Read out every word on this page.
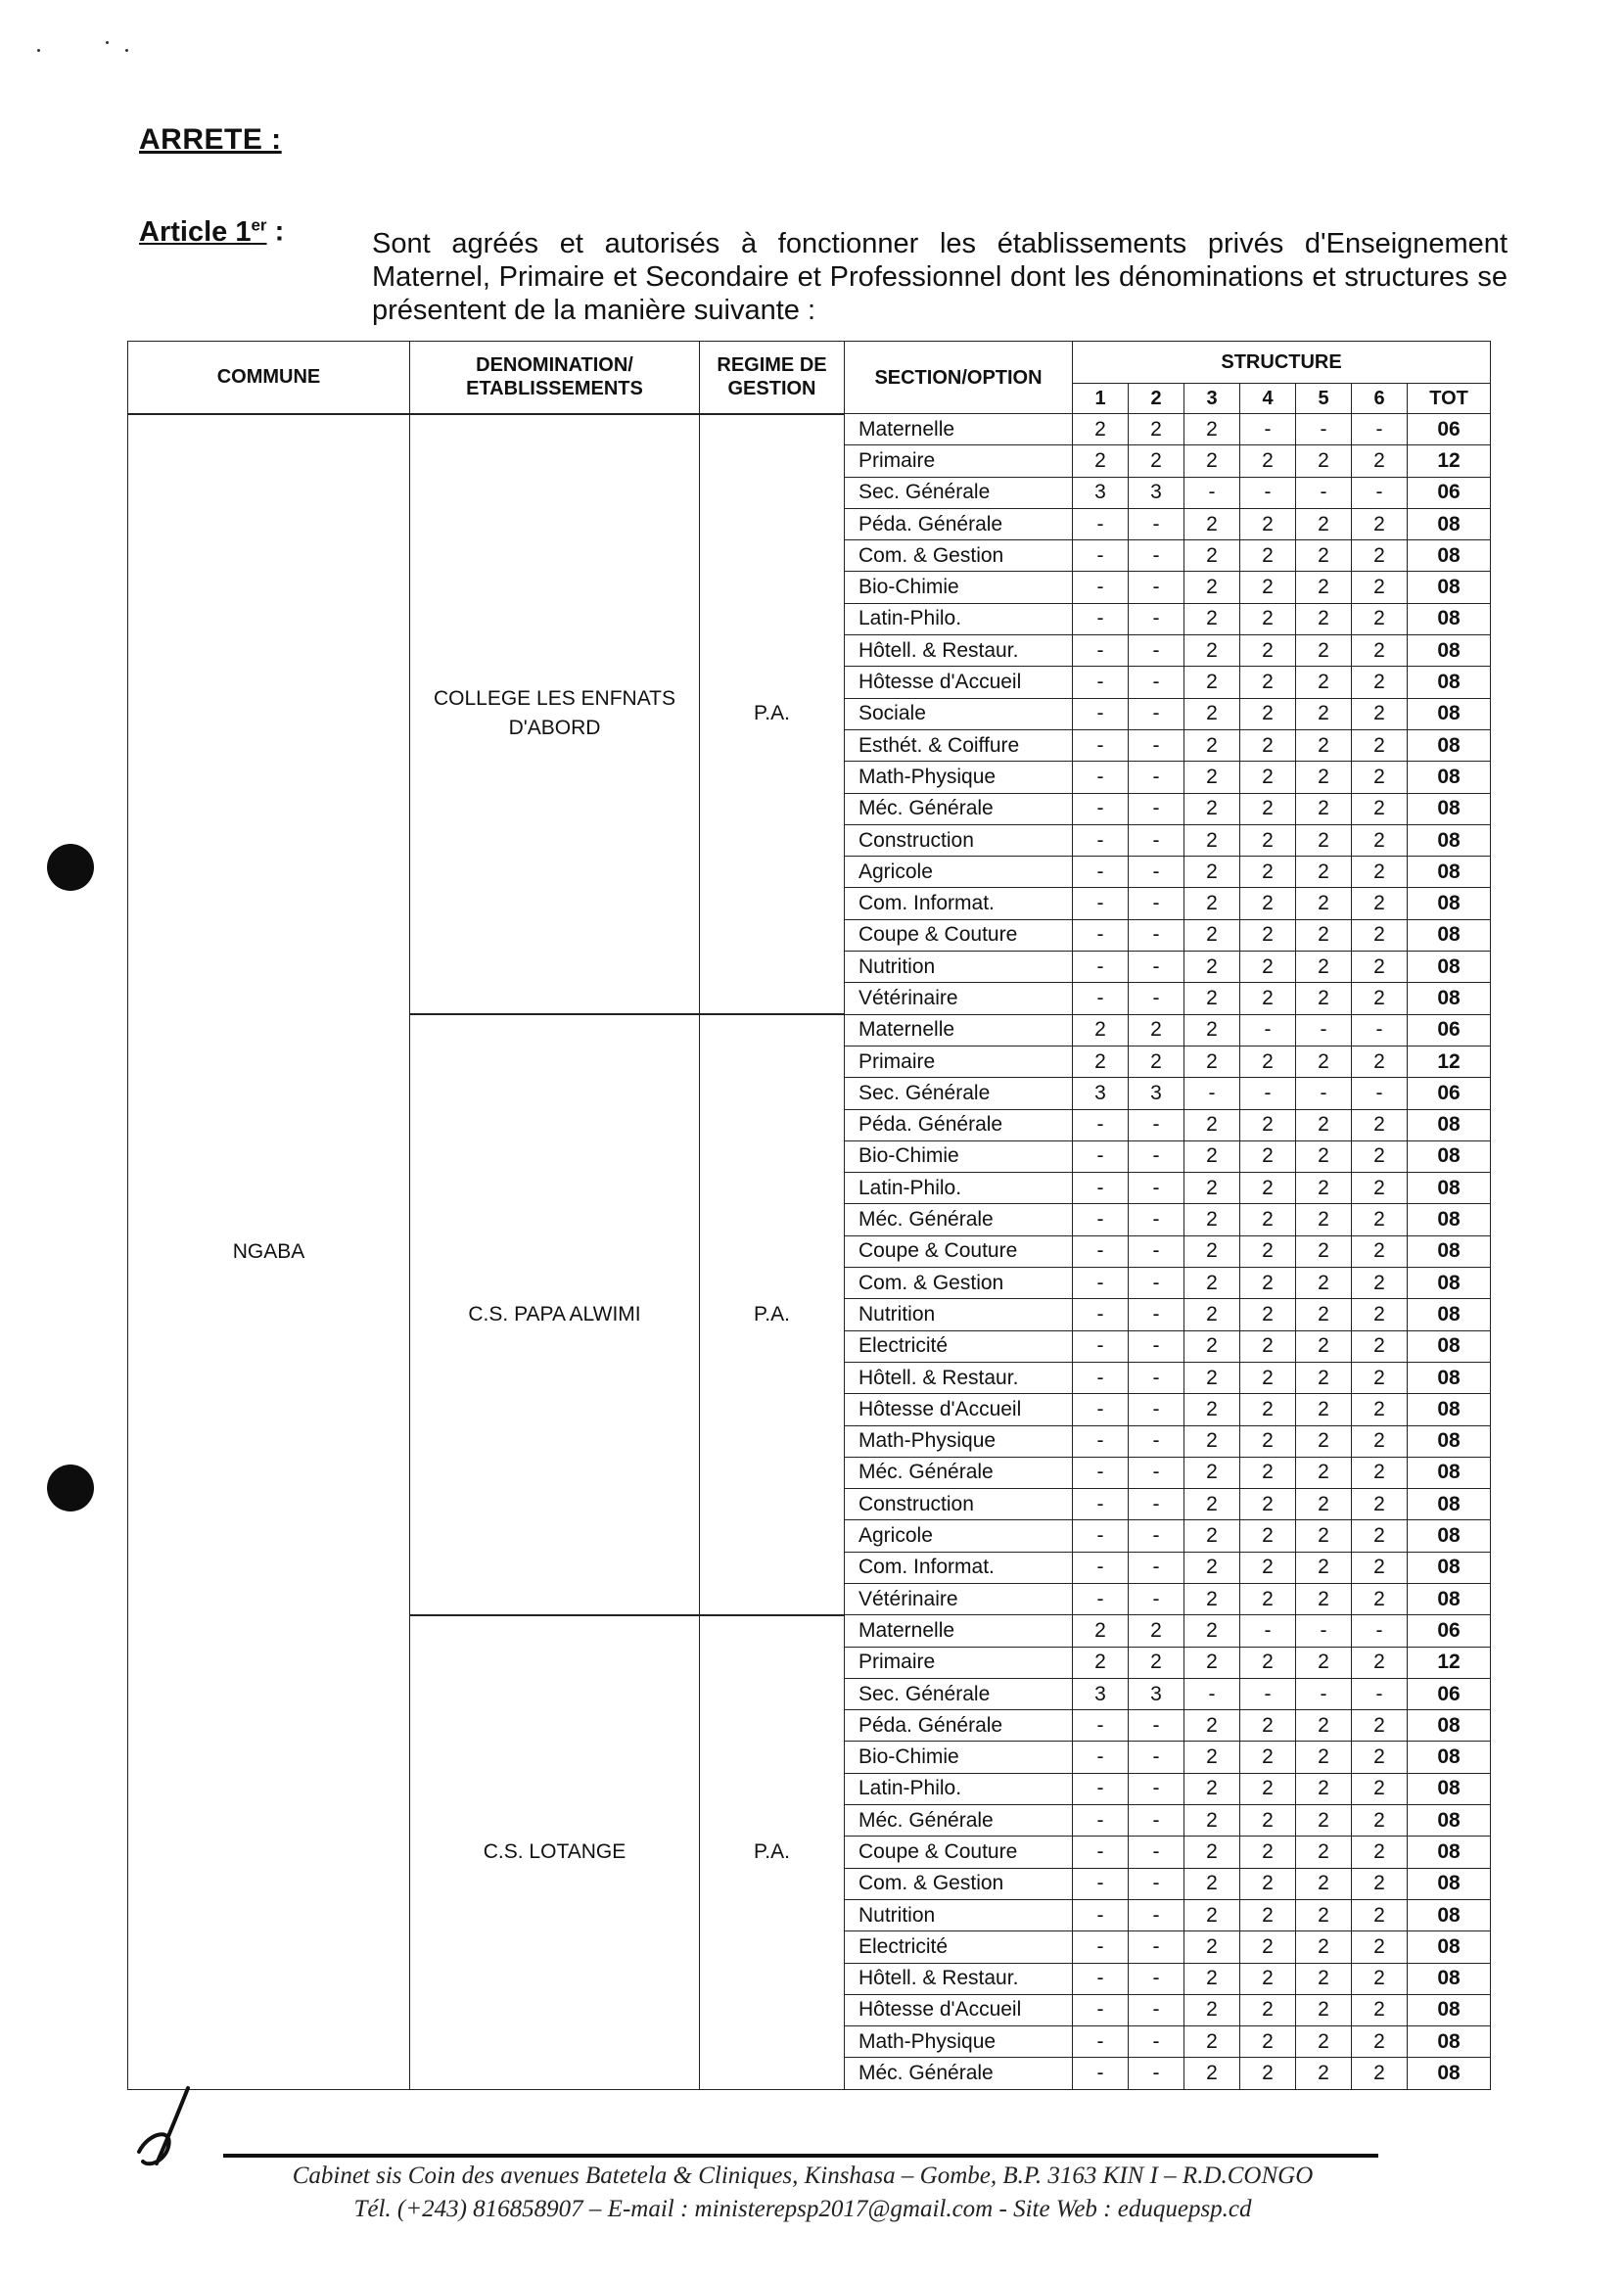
ARRETE :
Article 1er :	Sont agréés et autorisés à fonctionner les établissements privés d'Enseignement Maternel, Primaire et Secondaire et Professionnel dont les dénominations et structures se présentent de la manière suivante :
COMMUNE	DENOMINATION/ ETABLISSEMENTS	REGIME DE GESTION	SECTION/OPTION	STRUCTURE						
				1	2	3	4	5	6	TOT
NGABA	COLLEGE LES ENFNATS D'ABORD	P.A.	Maternelle	2	2	2	-	-	-	06
			Primaire	2	2	2	2	2	2	12
			Sec. Générale	3	3	-	-	-	-	06
			Péda. Générale	-	-	2	2	2	2	08
			Com. & Gestion	-	-	2	2	2	2	08
			Bio-Chimie	-	-	2	2	2	2	08
			Latin-Philo.	-	-	2	2	2	2	08
			Hôtell. & Restaur.	-	-	2	2	2	2	08
			Hôtesse d'Accueil	-	-	2	2	2	2	08
			Sociale	-	-	2	2	2	2	08
			Esthét. & Coiffure	-	-	2	2	2	2	08
			Math-Physique	-	-	2	2	2	2	08
			Méc. Générale	-	-	2	2	2	2	08
			Construction	-	-	2	2	2	2	08
			Agricole	-	-	2	2	2	2	08
			Com. Informat.	-	-	2	2	2	2	08
			Coupe & Couture	-	-	2	2	2	2	08
			Nutrition	-	-	2	2	2	2	08
			Vétérinaire	-	-	2	2	2	2	08
	C.S. PAPA ALWIMI	P.A.	Maternelle	2	2	2	-	-	-	06
			Primaire	2	2	2	2	2	2	12
			Sec. Générale	3	3	-	-	-	-	06
			Péda. Générale	-	-	2	2	2	2	08
			Bio-Chimie	-	-	2	2	2	2	08
			Latin-Philo.	-	-	2	2	2	2	08
			Méc. Générale	-	-	2	2	2	2	08
			Coupe & Couture	-	-	2	2	2	2	08
			Com. & Gestion	-	-	2	2	2	2	08
			Nutrition	-	-	2	2	2	2	08
			Electricité	-	-	2	2	2	2	08
			Hôtell. & Restaur.	-	-	2	2	2	2	08
			Hôtesse d'Accueil	-	-	2	2	2	2	08
			Math-Physique	-	-	2	2	2	2	08
			Méc. Générale	-	-	2	2	2	2	08
			Construction	-	-	2	2	2	2	08
			Agricole	-	-	2	2	2	2	08
			Com. Informat.	-	-	2	2	2	2	08
			Vétérinaire	-	-	2	2	2	2	08
	C.S. LOTANGE	P.A.	Maternelle	2	2	2	-	-	-	06
			Primaire	2	2	2	2	2	2	12
			Sec. Générale	3	3	-	-	-	-	06
			Péda. Générale	-	-	2	2	2	2	08
			Bio-Chimie	-	-	2	2	2	2	08
			Latin-Philo.	-	-	2	2	2	2	08
			Méc. Générale	-	-	2	2	2	2	08
			Coupe & Couture	-	-	2	2	2	2	08
			Com. & Gestion	-	-	2	2	2	2	08
			Nutrition	-	-	2	2	2	2	08
			Electricité	-	-	2	2	2	2	08
			Hôtell. & Restaur.	-	-	2	2	2	2	08
			Hôtesse d'Accueil	-	-	2	2	2	2	08
			Math-Physique	-	-	2	2	2	2	08
			Méc. Générale	-	-	2	2	2	2	08
Cabinet sis Coin des avenues Batetela & Cliniques, Kinshasa – Gombe, B.P. 3163 KIN I – R.D.CONGO
Tél. (+243) 816858907 – E-mail : ministerepsp2017@gmail.com - Site Web : eduquepsp.cd
